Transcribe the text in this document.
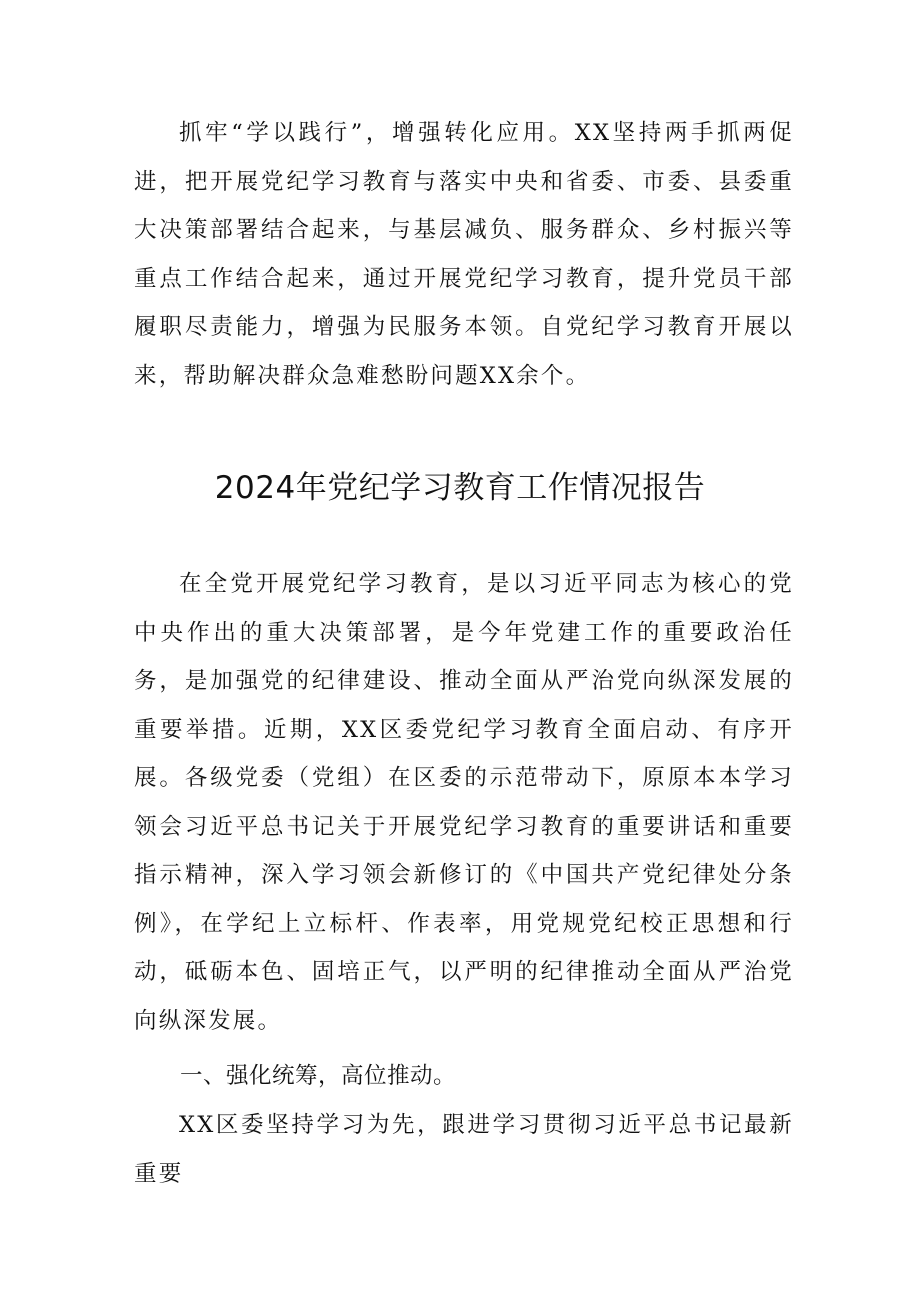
抓牢“学以践行”，增强转化应用。XX坚持两手抓两促进，把开展党纪学习教育与落实中央和省委、市委、县委重大决策部署结合起来，与基层减负、服务群众、乡村振兴等重点工作结合起来，通过开展党纪学习教育，提升党员干部履职尽责能力，增强为民服务本领。自党纪学习教育开展以来，帮助解决群众急难愁盼问题XX余个。

2024年党纪学习教育工作情况报告

在全党开展党纪学习教育，是以习近平同志为核心的党中央作出的重大决策部署，是今年党建工作的重要政治任务，是加强党的纪律建设、推动全面从严治党向纵深发展的重要举措。近期，XX区委党纪学习教育全面启动、有序开展。各级党委（党组）在区委的示范带动下，原原本本学习领会习近平总书记关于开展党纪学习教育的重要讲话和重要指示精神，深入学习领会新修订的《中国共产党纪律处分条例》，在学纪上立标杆、作表率，用党规党纪校正思想和行动，砥砺本色、固培正气，以严明的纪律推动全面从严治党向纵深发展。

一、强化统筹，高位推动。

XX区委坚持学习为先，跟进学习贯彻习近平总书记最新重要
